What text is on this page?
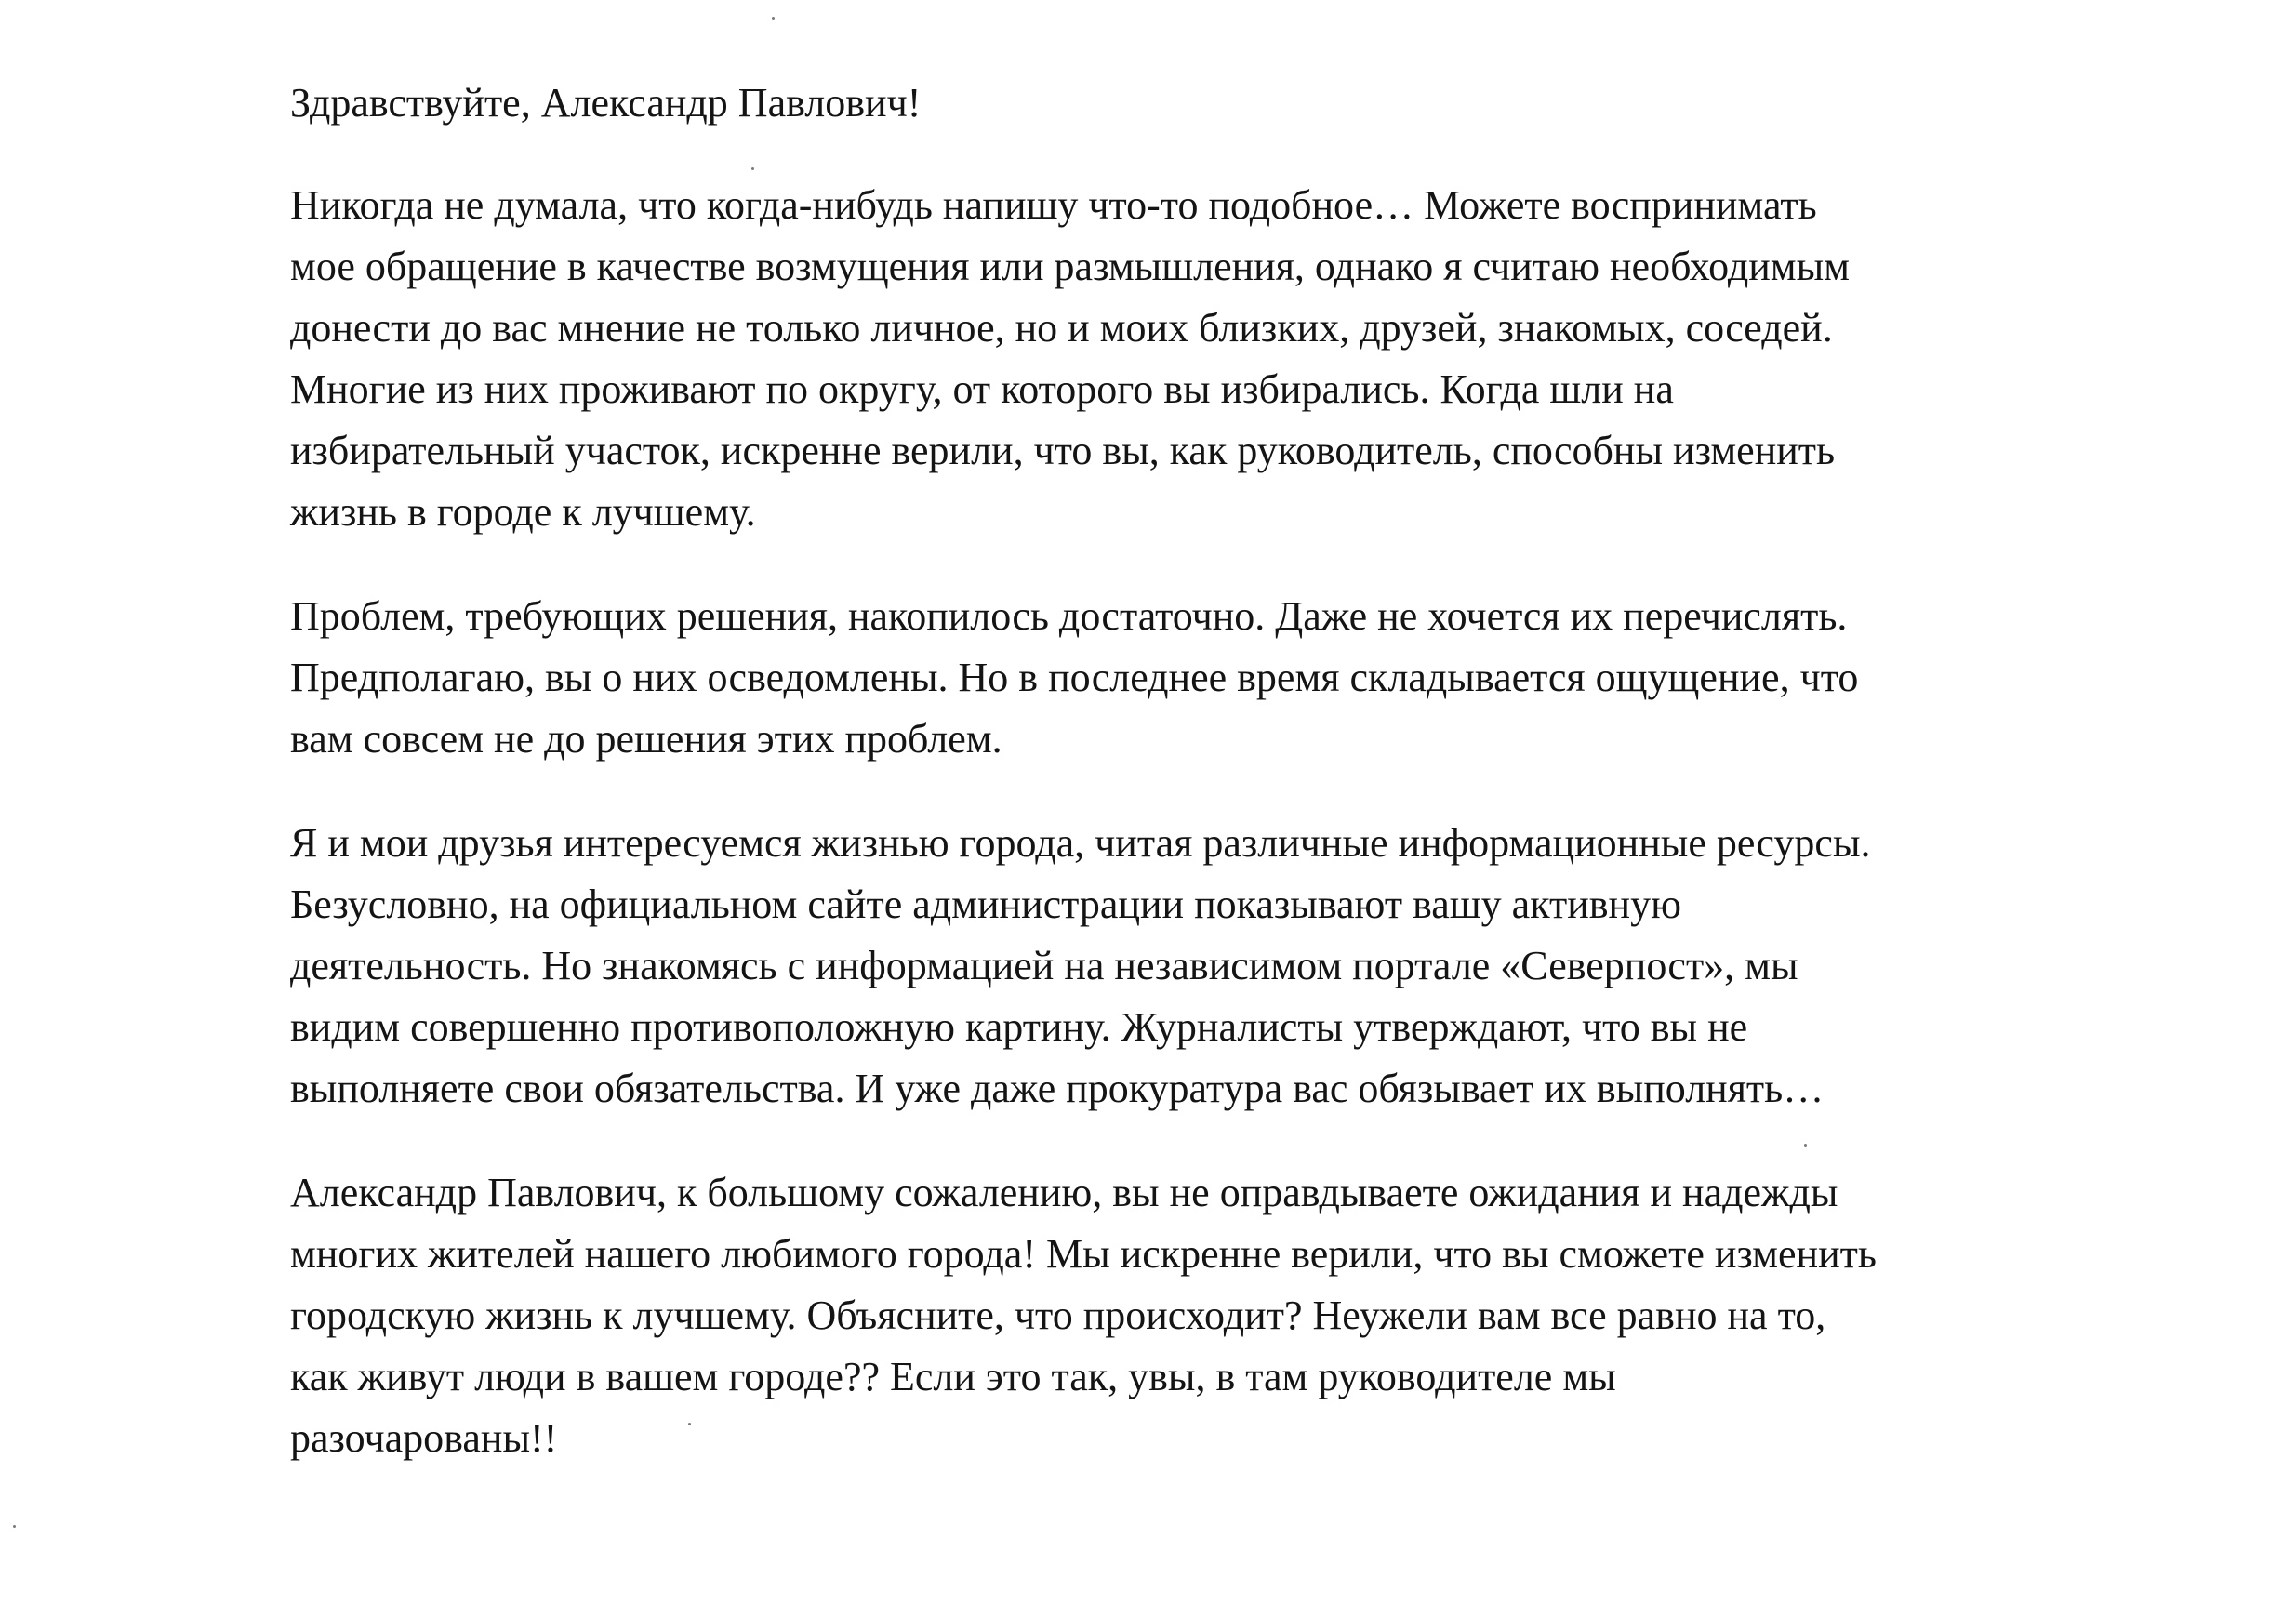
Здравствуйте, Александр Павлович!

Никогда не думала, что когда-нибудь напишу что-то подобное… Можете воспринимать
мое обращение в качестве возмущения или размышления, однако я считаю необходимым
донести до вас мнение не только личное, но и моих близких, друзей, знакомых, соседей.
Многие из них проживают по округу, от которого вы избирались. Когда шли на
избирательный участок, искренне верили, что вы, как руководитель, способны изменить
жизнь в городе к лучшему.

Проблем, требующих решения, накопилось достаточно. Даже не хочется их перечислять.
Предполагаю, вы о них осведомлены. Но в последнее время складывается ощущение, что
вам совсем не до решения этих проблем.

Я и мои друзья интересуемся жизнью города, читая различные информационные ресурсы.
Безусловно, на официальном сайте администрации показывают вашу активную
деятельность. Но знакомясь с информацией на независимом портале «Северпост», мы
видим совершенно противоположную картину. Журналисты утверждают, что вы не
выполняете свои обязательства. И уже даже прокуратура вас обязывает их выполнять…

Александр Павлович, к большому сожалению, вы не оправдываете ожидания и надежды
многих жителей нашего любимого города! Мы искренне верили, что вы сможете изменить
городскую жизнь к лучшему. Объясните, что происходит? Неужели вам все равно на то,
как живут люди в вашем городе?? Если это так, увы, в там руководителе мы
разочарованы!!
